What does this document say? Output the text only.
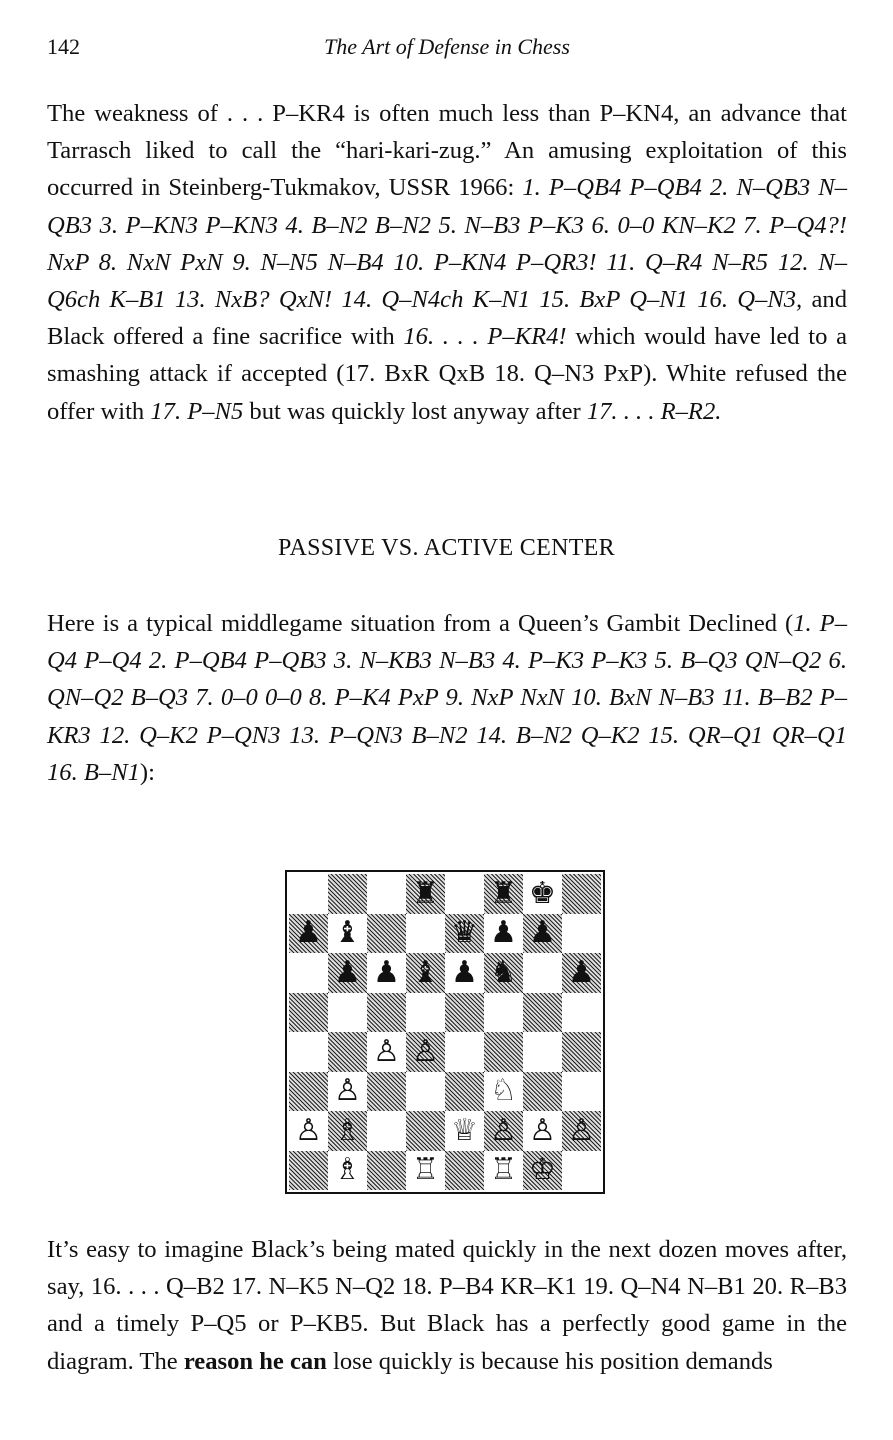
142	The Art of Defense in Chess

The weakness of . . . P–KR4 is often much less than P–KN4, an advance that Tarrasch liked to call the “hari-kari-zug.” An amusing exploitation of this occurred in Steinberg-Tukmakov, USSR 1966: 1. P–QB4 P–QB4 2. N–QB3 N–QB3 3. P–KN3 P–KN3 4. B–N2 B–N2 5. N–B3 P–K3 6. 0–0 KN–K2 7. P–Q4?! NxP 8. NxN PxN 9. N–N5 N–B4 10. P–KN4 P–QR3! 11. Q–R4 N–R5 12. N–Q6ch K–B1 13. NxB? QxN! 14. Q–N4ch K–N1 15. BxP Q–N1 16. Q–N3, and Black offered a fine sacrifice with 16. . . . P–KR4! which would have led to a smashing attack if accepted (17. BxR QxB 18. Q–N3 PxP). White refused the offer with 17. P–N5 but was quickly lost anyway after 17. . . . R–R2.

PASSIVE VS. ACTIVE CENTER

Here is a typical middlegame situation from a Queen’s Gambit Declined (1. P–Q4 P–Q4 2. P–QB4 P–QB3 3. N–KB3 N–B3 4. P–K3 P–K3 5. B–Q3 QN–Q2 6. QN–Q2 B–Q3 7. 0–0 0–0 8. P–K4 PxP 9. NxP NxN 10. BxN N–B3 11. B–B2 P–KR3 12. Q–K2 P–QN3 13. P–QN3 B–N2 14. B–N2 Q–K2 15. QR–Q1 QR–Q1 16. B–N1):

♜ ♜ ♚
♟ ♝	♛ ♟ ♟
♟ ♟ ♝ ♟ ♞ ♟
♙ ♙
♙	♘
♙ ♗	♕ ♙ ♙ ♙
♗ ♖ ♖ ♔

It’s easy to imagine Black’s being mated quickly in the next dozen moves after, say, 16. . . . Q–B2 17. N–K5 N–Q2 18. P–B4 KR–K1 19. Q–N4 N–B1 20. R–B3 and a timely P–Q5 or P–KB5. But Black has a perfectly good game in the diagram. The reason he can lose quickly is because his position demands
